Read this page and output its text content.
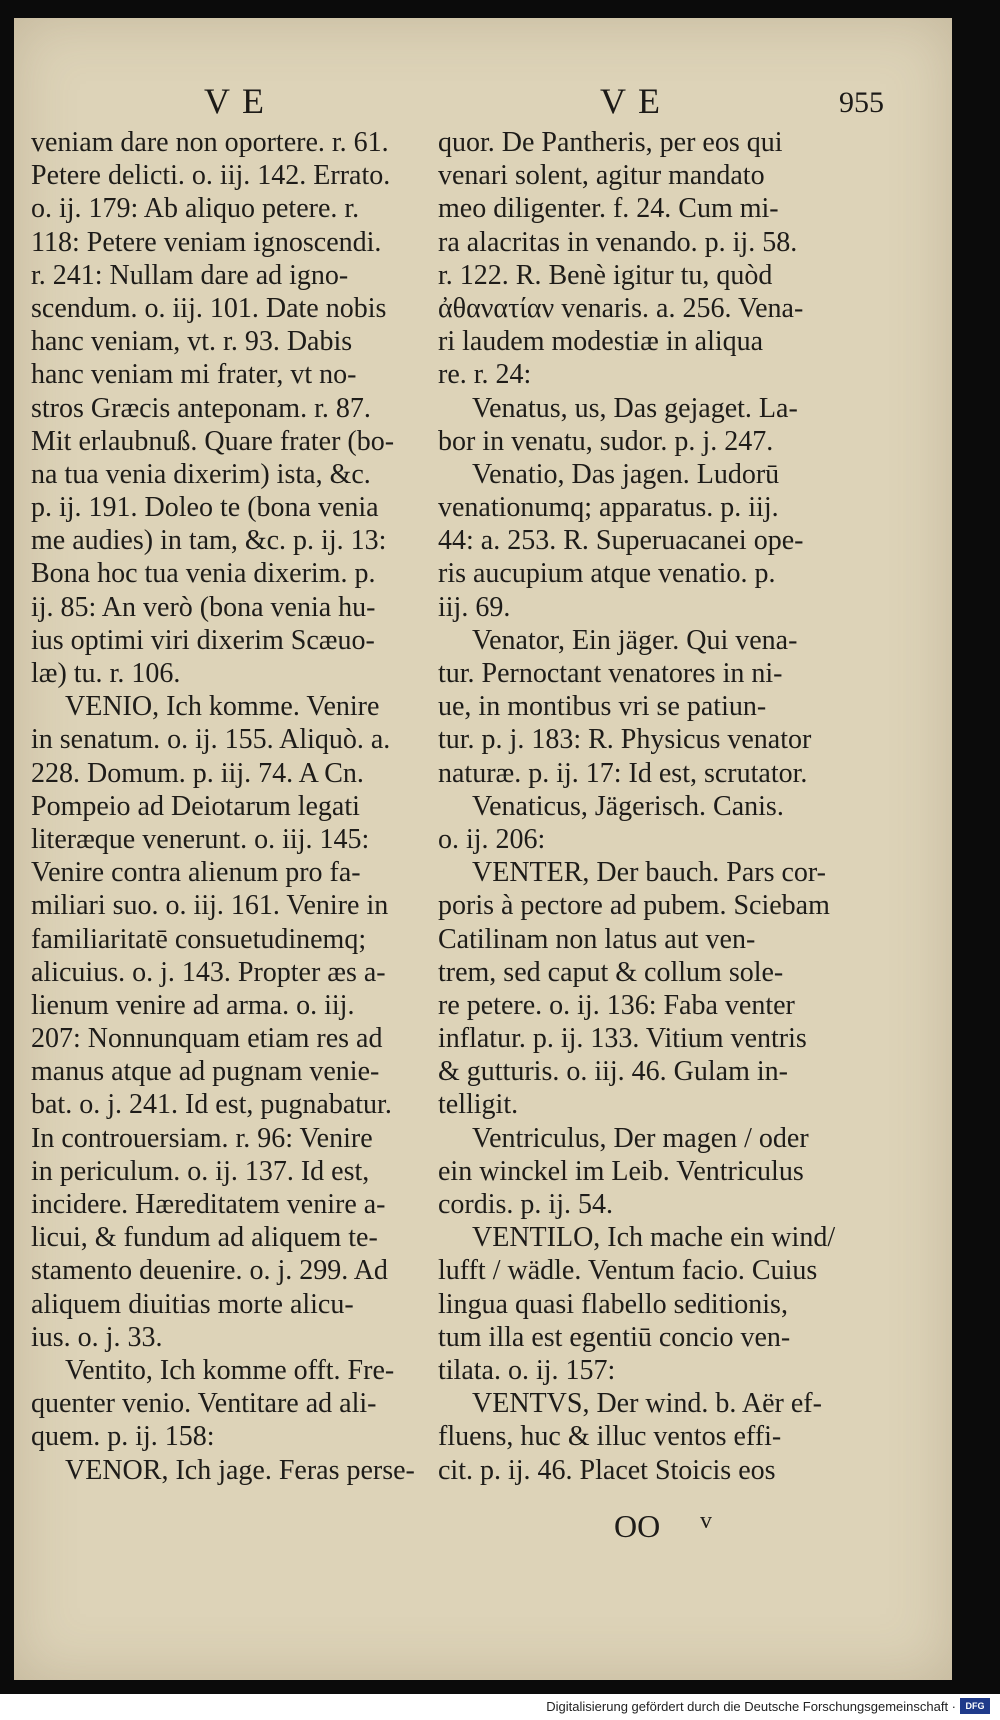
VE	VE	955
veniam dare non oportere. r. 61.
Petere delicti. o. iij. 142. Errato.
o. ij. 179: Ab aliquo petere. r.
118: Petere veniam ignoscendi.
r. 241: Nullam dare ad igno-
scendum. o. iij. 101. Date nobis
hanc veniam, vt. r. 93. Dabis
hanc veniam mi frater, vt no-
stros Græcis anteponam. r. 87.
Mit erlaubnuß. Quare frater (bo-
na tua venia dixerim) ista, &c.
p. ij. 191. Doleo te (bona venia
me audies) in tam, &c. p. ij. 13:
Bona hoc tua venia dixerim. p.
ij. 85: An verò (bona venia hu-
ius optimi viri dixerim Scæuo-
læ) tu. r. 106.
VENIO, Ich komme. Venire
in senatum. o. ij. 155. Aliquò. a.
228. Domum. p. iij. 74. A Cn.
Pompeio ad Deiotarum legati
literæque venerunt. o. iij. 145:
Venire contra alienum pro fa-
miliari suo. o. iij. 161. Venire in
familiaritatē consuetudinemq;
alicuius. o. j. 143. Propter æs a-
lienum venire ad arma. o. iij.
207: Nonnunquam etiam res ad
manus atque ad pugnam venie-
bat. o. j. 241. Id est, pugnabatur.
In controuersiam. r. 96: Venire
in periculum. o. ij. 137. Id est,
incidere. Hæreditatem venire a-
licui, & fundum ad aliquem te-
stamento deuenire. o. j. 299. Ad
aliquem diuitias morte alicu-
ius. o. j. 33.
Ventito, Ich komme offt. Fre-
quenter venio. Ventitare ad ali-
quem. p. ij. 158:
VENOR, Ich jage. Feras perse-
quor. De Pantheris, per eos qui
venari solent, agitur mandato
meo diligenter. f. 24. Cum mi-
ra alacritas in venando. p. ij. 58.
r. 122. R. Benè igitur tu, quòd
ἀθανατίαν venaris. a. 256. Vena-
ri laudem modestiæ in aliqua
re. r. 24:
Venatus, us, Das gejaget. La-
bor in venatu, sudor. p. j. 247.
Venatio, Das jagen. Ludorū
venationumq; apparatus. p. iij.
44: a. 253. R. Superuacanei ope-
ris aucupium atque venatio. p.
iij. 69.
Venator, Ein jäger. Qui vena-
tur. Pernoctant venatores in ni-
ue, in montibus vri se patiun-
tur. p. j. 183: R. Physicus venator
naturæ. p. ij. 17: Id est, scrutator.
Venaticus, Jägerisch. Canis.
o. ij. 206:
VENTER, Der bauch. Pars cor-
poris à pectore ad pubem. Sciebam
Catilinam non latus aut ven-
trem, sed caput & collum sole-
re petere. o. ij. 136: Faba venter
inflatur. p. ij. 133. Vitium ventris
& gutturis. o. iij. 46. Gulam in-
telligit.
Ventriculus, Der magen / oder
ein winckel im Leib. Ventriculus
cordis. p. ij. 54.
VENTILO, Ich mache ein wind/
lufft / wädle. Ventum facio. Cuius
lingua quasi flabello seditionis,
tum illa est egentiū concio ven-
tilata. o. ij. 157:
VENTVS, Der wind. b. Aër ef-
fluens, huc & illuc ventos effi-
cit. p. ij. 46. Placet Stoicis eos
OO v
Digitalisierung gefördert durch die Deutsche Forschungsgemeinschaft ·	DFG
